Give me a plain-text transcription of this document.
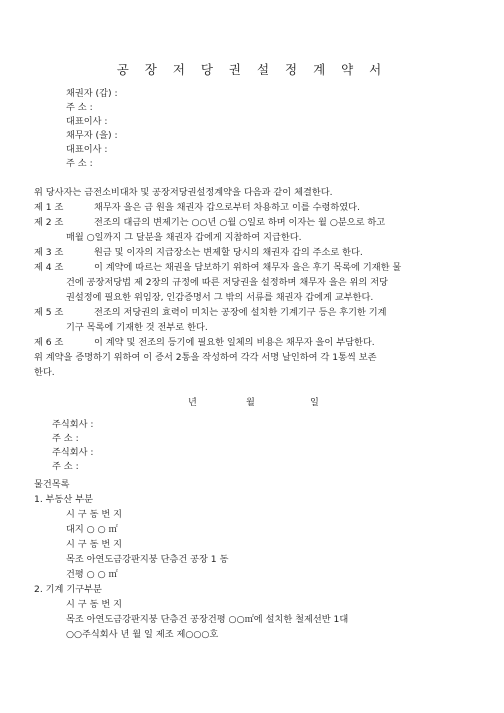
공 장 저 당 권 설 정 계 약 서
채권자 (갑) :
주 소 :
대표이사 :
채무자 (을) :
대표이사 :
주 소 :
위 당사자는 금전소비대차 및 공장저당권설정계약을 다음과 같이 체결한다.
제 1 조	채무자 을은 금 원을 채권자 갑으로부터 차용하고 이를 수령하였다.
제 2 조	전조의 대금의 변제기는 ○○년 ○월 ○일로 하며 이자는 월 ○분으로 하고
매월 ○일까지 그 달분을 채권자 갑에게 지참하여 지급한다.
제 3 조	원금 및 이자의 지급장소는 변제할 당시의 채권자 갑의 주소로 한다.
제 4 조	이 계약에 따르는 채권을 담보하기 위하여 채무자 을은 후기 목록에 기재한 물
건에 공장저당법 제 2장의 규정에 따른 저당권을 설정하며 채무자 을은 위의 저당
권설정에 필요한 위임장, 인감증명서 그 밖의 서류를 채권자 갑에게 교부한다.
제 5 조	전조의 저당권의 효력이 미치는 공장에 설치한 기계기구 등은 후기한 기계
기구 목록에 기재한 것 전부로 한다.
제 6 조	이 계약 및 전조의 등기에 필요한 일체의 비용은 채무자 을이 부담한다.
위 계약을 증명하기 위하여 이 증서 2통을 작성하여 각각 서명 날인하여 각 1통씩 보존
한다.
년	월	일
주식회사 :
주 소 :
주식회사 :
주 소 :
물건목록
1. 부동산 부분
시 구 동 번 지
대지 ○ ○ ㎡
시 구 동 번 지
목조 아연도금강판지붕 단층건 공장 1 동
건평 ○ ○ ㎡
2. 기계 기구부분
시 구 동 번 지
목조 아연도금강판지붕 단층건 공장건평 ○○㎡에 설치한 철제선반 1대
○○주식회사 년 월 일 제조 제○○○호
